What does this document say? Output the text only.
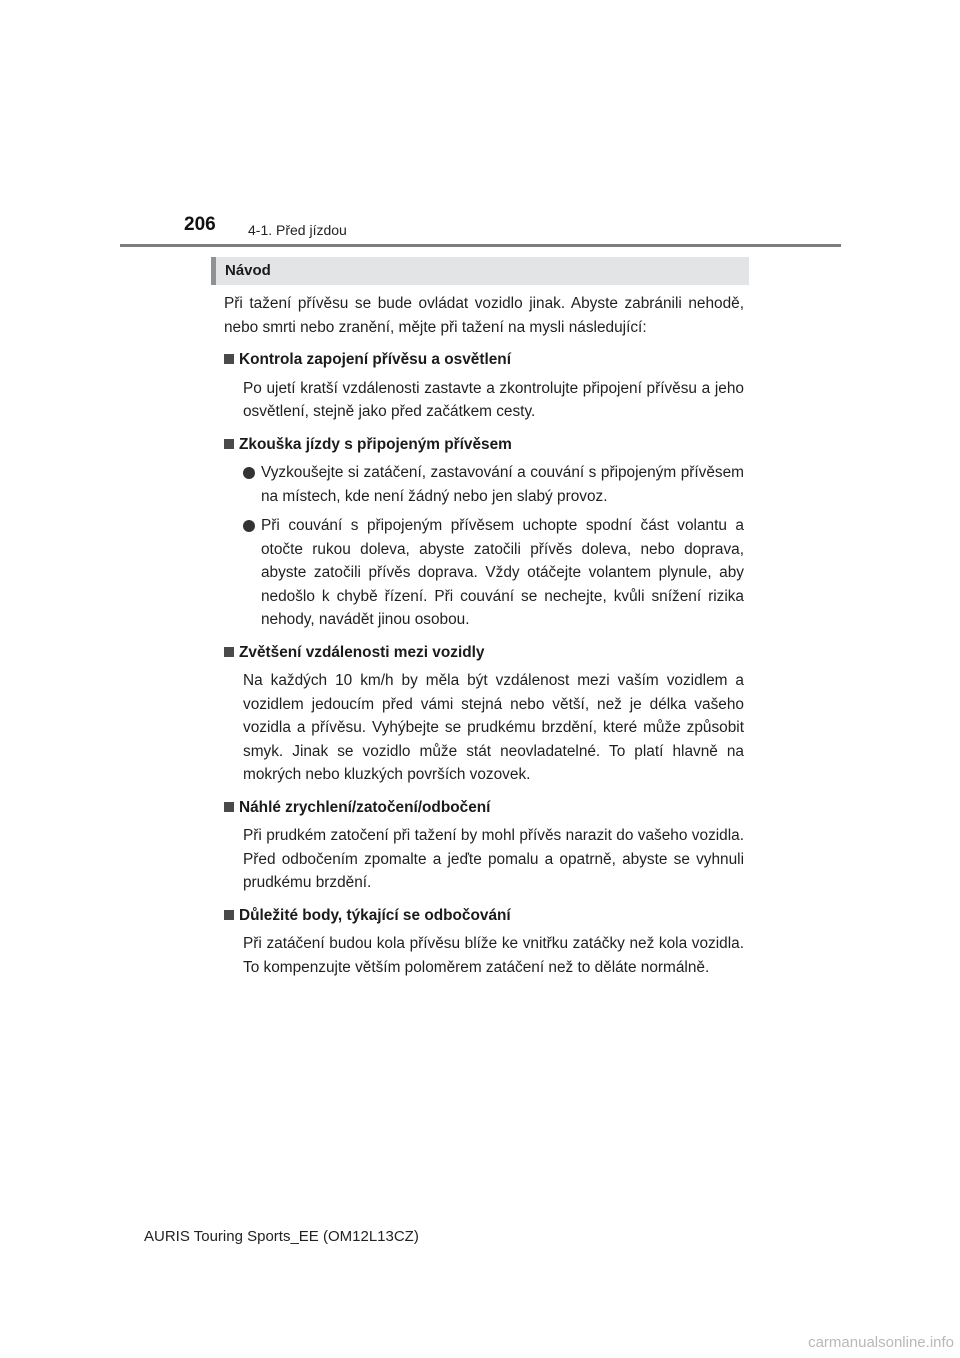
206 4-1. Před jízdou
Návod

Při tažení přívěsu se bude ovládat vozidlo jinak. Abyste zabránili nehodě, nebo smrti nebo zranění, mějte při tažení na mysli následující:

Kontrola zapojení přívěsu a osvětlení
Po ujetí kratší vzdálenosti zastavte a zkontrolujte připojení přívěsu a jeho osvětlení, stejně jako před začátkem cesty.
Zkouška jízdy s připojeným přívěsem
Vyzkoušejte si zatáčení, zastavování a couvání s připojeným přívěsem na místech, kde není žádný nebo jen slabý provoz.
Při couvání s připojeným přívěsem uchopte spodní část volantu a otočte rukou doleva, abyste zatočili přívěs doleva, nebo doprava, abyste zatočili přívěs doprava. Vždy otáčejte volantem plynule, aby nedošlo k chybě řízení. Při couvání se nechejte, kvůli snížení rizika nehody, navádět jinou osobou.
Zvětšení vzdálenosti mezi vozidly
Na každých 10 km/h by měla být vzdálenost mezi vaším vozidlem a vozidlem jedoucím před vámi stejná nebo větší, než je délka vašeho vozidla a přívěsu. Vyhýbejte se prudkému brzdění, které může způsobit smyk. Jinak se vozidlo může stát neovladatelné. To platí hlavně na mokrých nebo kluzkých površích vozovek.
Náhlé zrychlení/zatočení/odbočení
Při prudkém zatočení při tažení by mohl přívěs narazit do vašeho vozidla. Před odbočením zpomalte a jeďte pomalu a opatrně, abyste se vyhnuli prudkému brzdění.
Důležité body, týkající se odbočování
Při zatáčení budou kola přívěsu blíže ke vnitřku zatáčky než kola vozidla. To kompenzujte větším poloměrem zatáčení než to děláte normálně.
AURIS Touring Sports_EE (OM12L13CZ)
carmanualsonline.info
